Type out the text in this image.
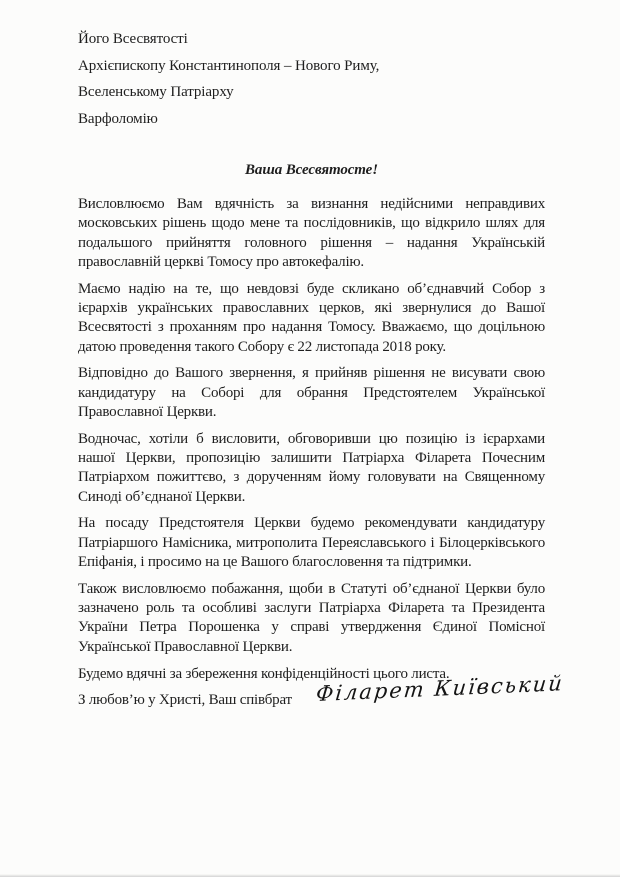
Його Всесвятості
Архієпископу Константинополя – Нового Риму,
Вселенському Патріарху
Варфоломію
Ваша Всесвятосте!

Висловлюємо Вам вдячність за визнання недійсними неправдивих московських рішень щодо мене та послідовників, що відкрило шлях для подальшого прийняття головного рішення – надання Українській православній церкві Томосу про автокефалію.

Маємо надію на те, що невдовзі буде скликано об’єднавчий Собор з ієрархів українських православних церков, які звернулися до Вашої Всесвятості з проханням про надання Томосу. Вважаємо, що доцільною датою проведення такого Собору є 22 листопада 2018 року.

Відповідно до Вашого звернення, я прийняв рішення не висувати свою кандидатуру на Соборі для обрання Предстоятелем Української Православної Церкви.

Водночас, хотіли б висловити, обговоривши цю позицію із ієрархами нашої Церкви, пропозицію залишити Патріарха Філарета Почесним Патріархом пожиттєво, з дорученням йому головувати на Священному Синоді об’єднаної Церкви.

На посаду Предстоятеля Церкви будемо рекомендувати кандидатуру Патріаршого Намісника, митрополита Переяславського і Білоцерківського Епіфанія, і просимо на це Вашого благословення та підтримки.

Також висловлюємо побажання, щоби в Статуті об’єднаної Церкви було зазначено роль та особливі заслуги Патріарха Філарета та Президента України Петра Порошенка у справі утвердження Єдиної Помісної Української Православної Церкви.

Будемо вдячні за збереження конфіденційності цього листа.

З любов’ю у Христі, Ваш співбрат Філарет Київський
